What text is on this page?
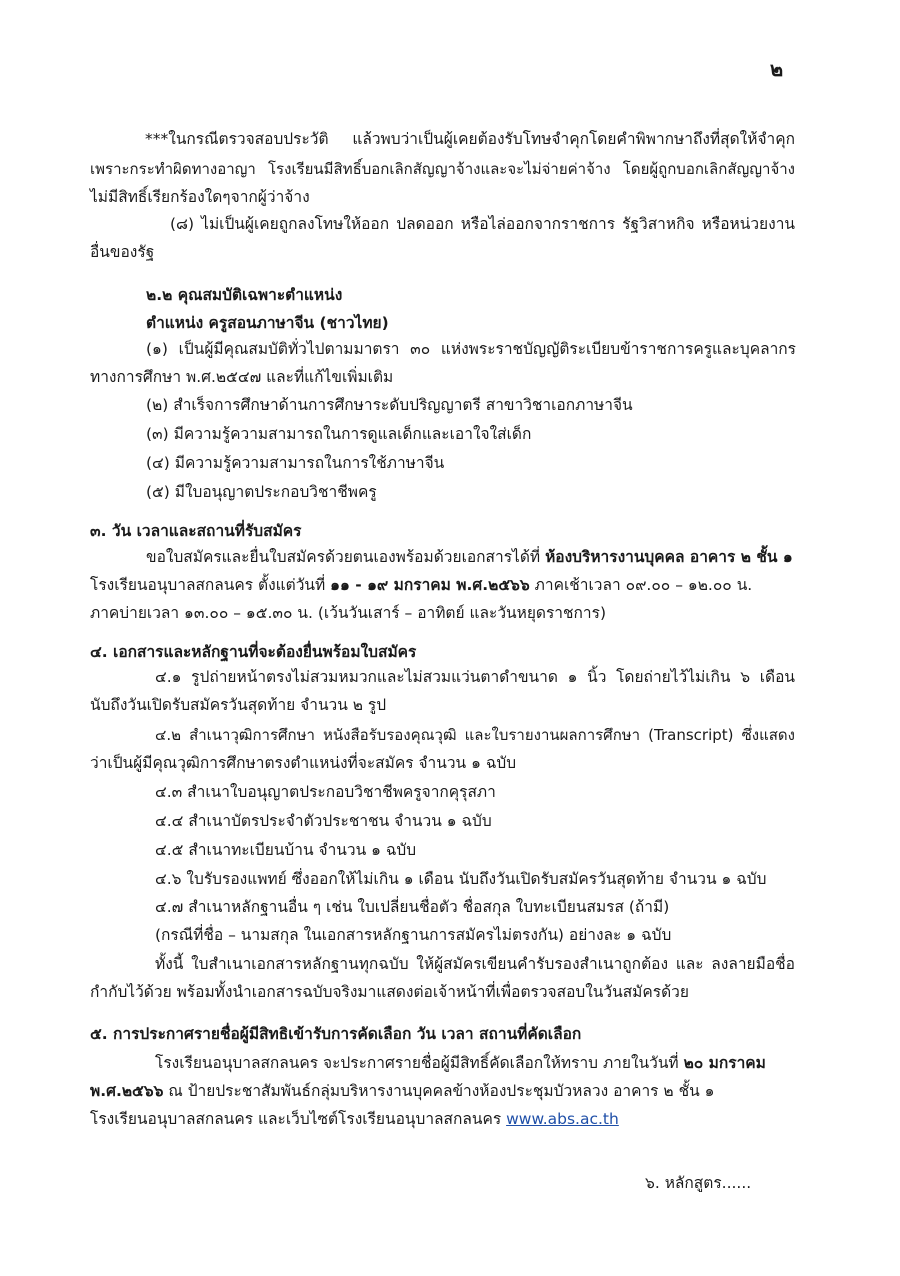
๒
***ในกรณีตรวจสอบประวัติ แล้วพบว่าเป็นผู้เคยต้องรับโทษจำคุกโดยคำพิพากษาถึงที่สุดให้จำคุก
เพราะกระทำผิดทางอาญา โรงเรียนมีสิทธิ์บอกเลิกสัญญาจ้างและจะไม่จ่ายค่าจ้าง โดยผู้ถูกบอกเลิกสัญญาจ้าง
ไม่มีสิทธิ์เรียกร้องใดๆจากผู้ว่าจ้าง
(๘) ไม่เป็นผู้เคยถูกลงโทษให้ออก ปลดออก หรือไล่ออกจากราชการ รัฐวิสาหกิจ หรือหน่วยงาน
อื่นของรัฐ
๒.๒ คุณสมบัติเฉพาะตำแหน่ง
ตำแหน่ง ครูสอนภาษาจีน (ชาวไทย)
(๑) เป็นผู้มีคุณสมบัติทั่วไปตามมาตรา ๓๐ แห่งพระราชบัญญัติระเบียบข้าราชการครูและบุคลากร
ทางการศึกษา พ.ศ.๒๕๔๗ และที่แก้ไขเพิ่มเติม
(๒) สำเร็จการศึกษาด้านการศึกษาระดับปริญญาตรี สาขาวิชาเอกภาษาจีน
(๓) มีความรู้ความสามารถในการดูแลเด็กและเอาใจใส่เด็ก
(๔) มีความรู้ความสามารถในการใช้ภาษาจีน
(๕) มีใบอนุญาตประกอบวิชาชีพครู
๓. วัน เวลาและสถานที่รับสมัคร
ขอใบสมัครและยื่นใบสมัครด้วยตนเองพร้อมด้วยเอกสารได้ที่ ห้องบริหารงานบุคคล อาคาร ๒ ชั้น ๑
โรงเรียนอนุบาลสกลนคร ตั้งแต่วันที่ ๑๑ - ๑๙ มกราคม พ.ศ.๒๕๖๖ ภาคเช้าเวลา ๐๙.๐๐ – ๑๒.๐๐ น.
ภาคบ่ายเวลา ๑๓.๐๐ – ๑๕.๓๐ น. (เว้นวันเสาร์ – อาทิตย์ และวันหยุดราชการ)
๔. เอกสารและหลักฐานที่จะต้องยื่นพร้อมใบสมัคร
๔.๑ รูปถ่ายหน้าตรงไม่สวมหมวกและไม่สวมแว่นตาดำขนาด ๑ นิ้ว โดยถ่ายไว้ไม่เกิน ๖ เดือน
นับถึงวันเปิดรับสมัครวันสุดท้าย จำนวน ๒ รูป
๔.๒ สำเนาวุฒิการศึกษา หนังสือรับรองคุณวุฒิ และใบรายงานผลการศึกษา (Transcript) ซึ่งแสดง
ว่าเป็นผู้มีคุณวุฒิการศึกษาตรงตำแหน่งที่จะสมัคร จำนวน ๑ ฉบับ
๔.๓ สำเนาใบอนุญาตประกอบวิชาชีพครูจากคุรุสภา
๔.๔ สำเนาบัตรประจำตัวประชาชน จำนวน ๑ ฉบับ
๔.๕ สำเนาทะเบียนบ้าน จำนวน ๑ ฉบับ
๔.๖ ใบรับรองแพทย์ ซึ่งออกให้ไม่เกิน ๑ เดือน นับถึงวันเปิดรับสมัครวันสุดท้าย จำนวน ๑ ฉบับ
๔.๗ สำเนาหลักฐานอื่น ๆ เช่น ใบเปลี่ยนชื่อตัว ชื่อสกุล ใบทะเบียนสมรส (ถ้ามี)
(กรณีที่ชื่อ – นามสกุล ในเอกสารหลักฐานการสมัครไม่ตรงกัน) อย่างละ ๑ ฉบับ
ทั้งนี้ ใบสำเนาเอกสารหลักฐานทุกฉบับ ให้ผู้สมัครเขียนคำรับรองสำเนาถูกต้อง และ ลงลายมือชื่อ
กำกับไว้ด้วย พร้อมทั้งนำเอกสารฉบับจริงมาแสดงต่อเจ้าหน้าที่เพื่อตรวจสอบในวันสมัครด้วย
๕. การประกาศรายชื่อผู้มีสิทธิเข้ารับการคัดเลือก วัน เวลา สถานที่คัดเลือก
โรงเรียนอนุบาลสกลนคร จะประกาศรายชื่อผู้มีสิทธิ์คัดเลือกให้ทราบ ภายในวันที่ ๒๐ มกราคม
พ.ศ.๒๕๖๖ ณ ป้ายประชาสัมพันธ์กลุ่มบริหารงานบุคคลข้างห้องประชุมบัวหลวง อาคาร ๒ ชั้น ๑
โรงเรียนอนุบาลสกลนคร และเว็บไซต์โรงเรียนอนุบาลสกลนคร www.abs.ac.th
๖. หลักสูตร......
